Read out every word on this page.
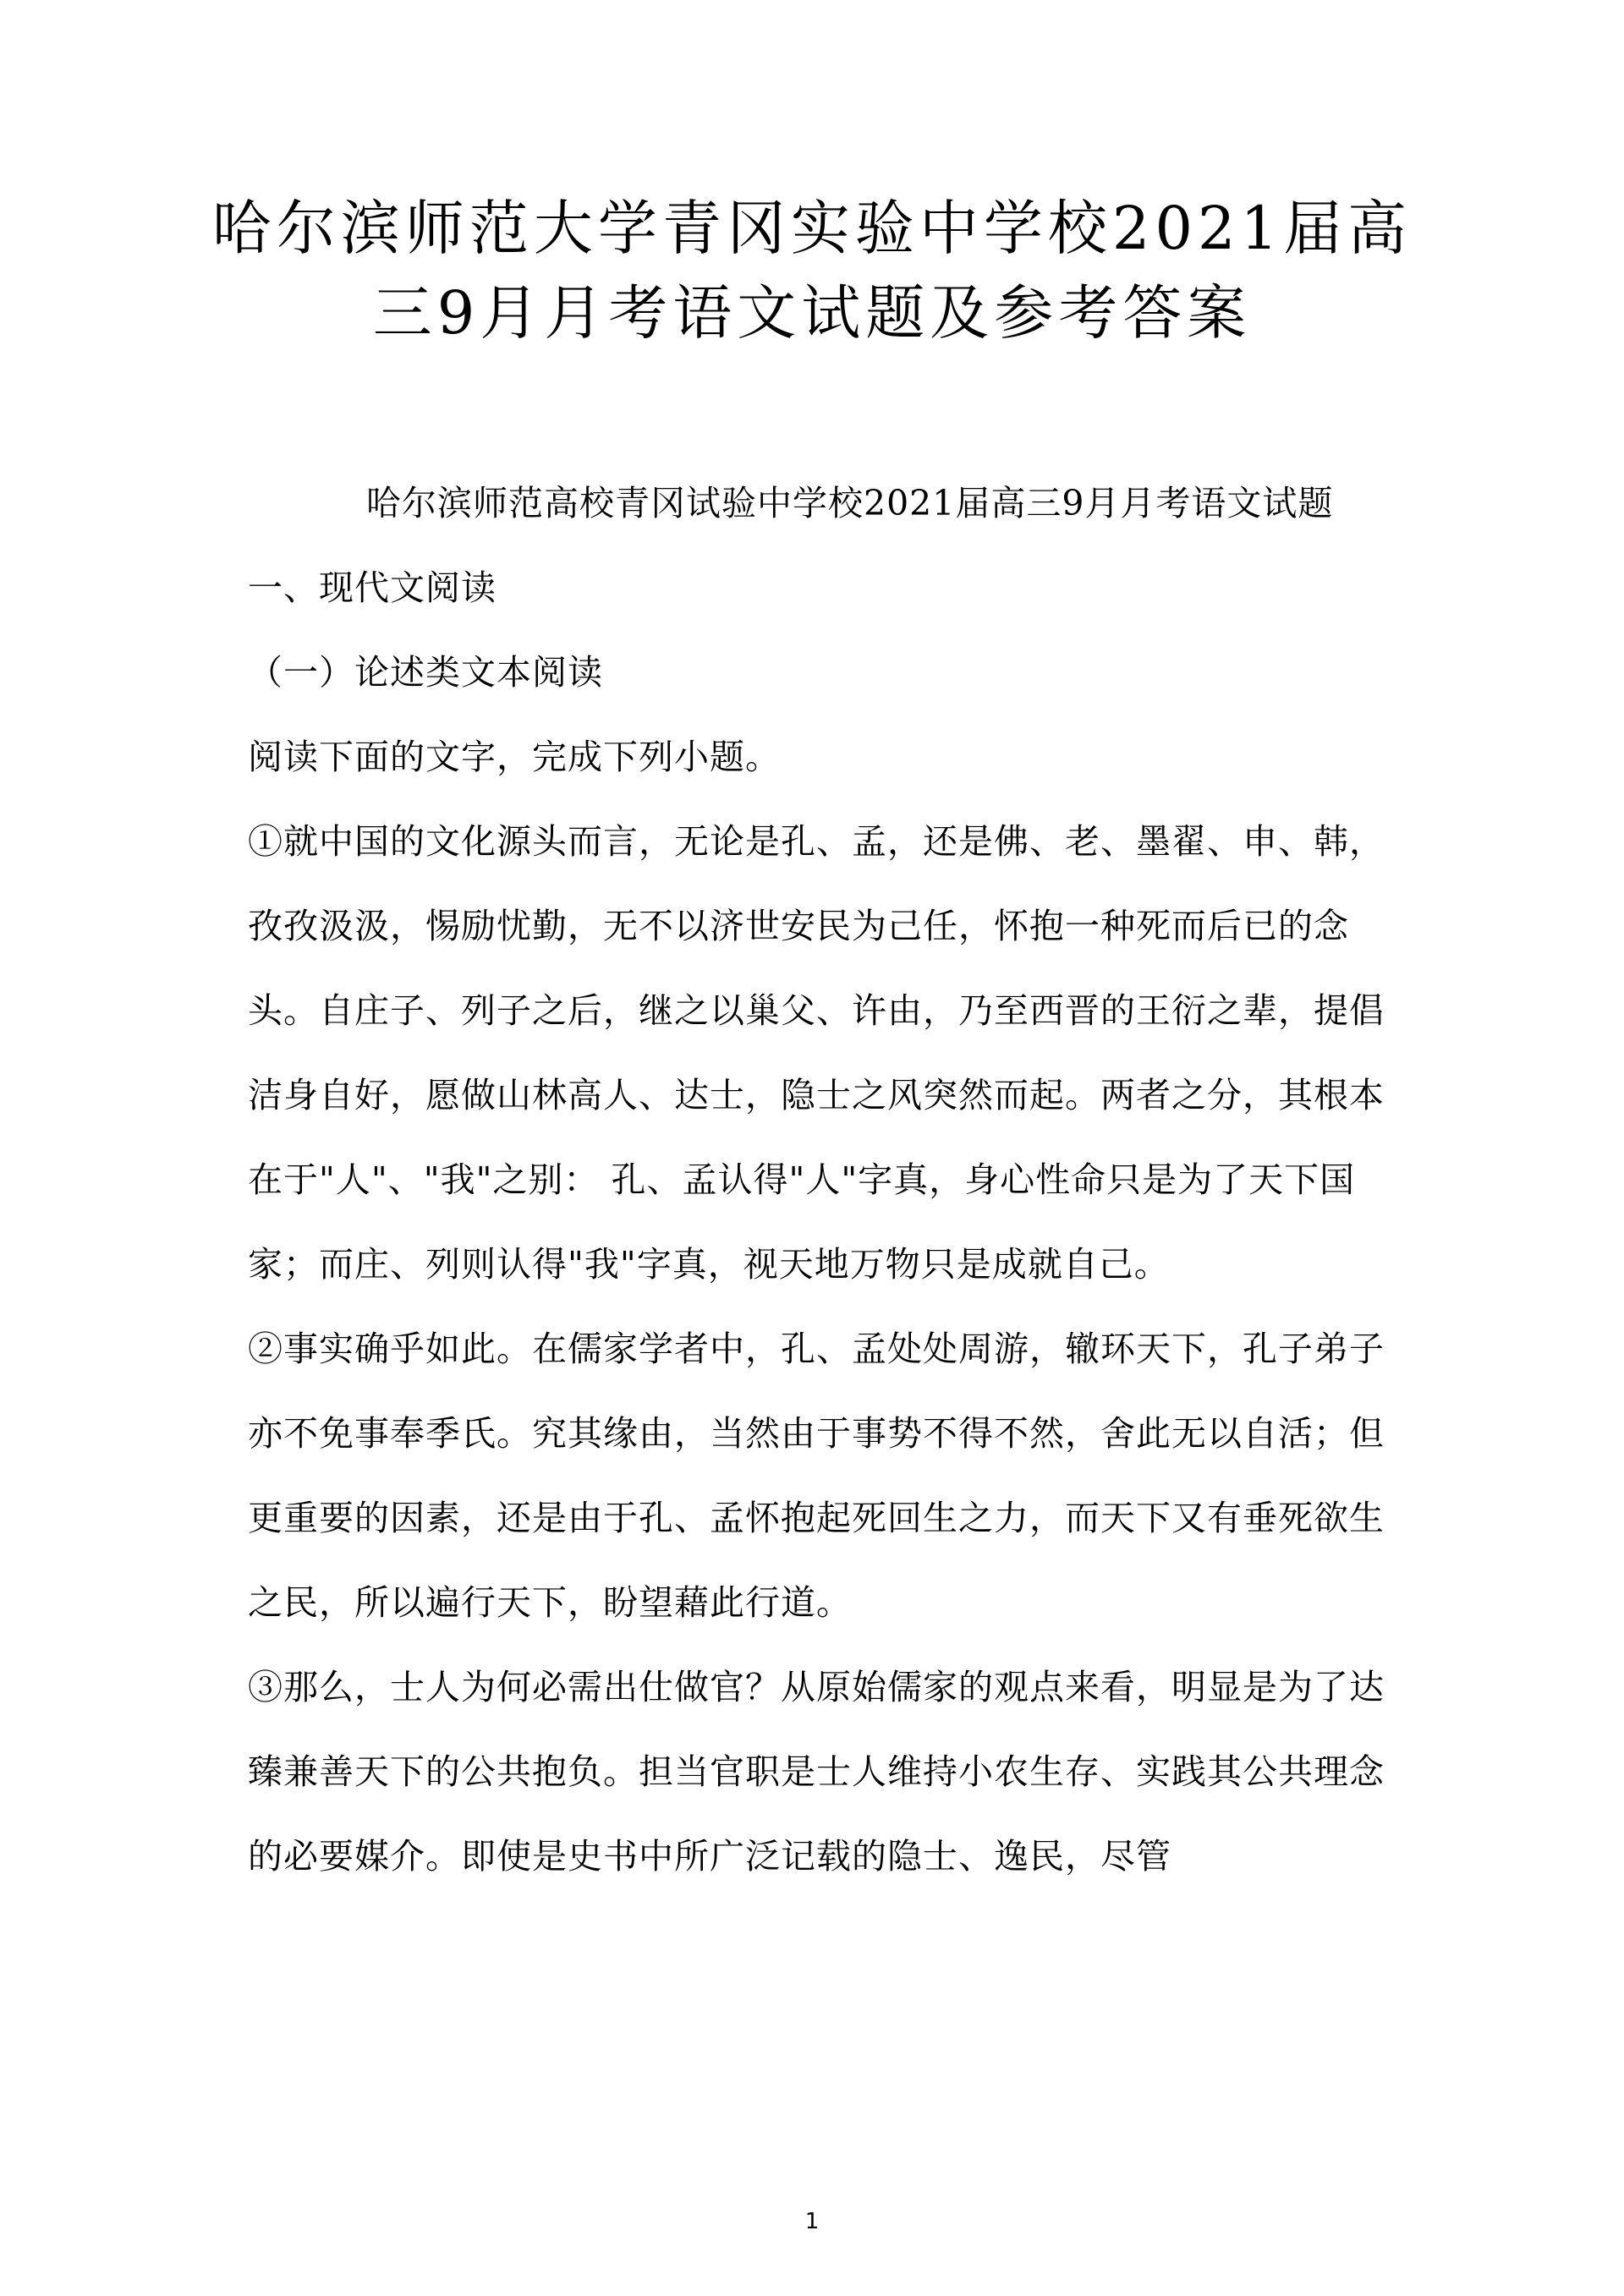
哈尔滨师范大学青冈实验中学校2021届高
三9月月考语文试题及参考答案

哈尔滨师范高校青冈试验中学校2021届高三9月月考语文试题

一、现代文阅读

（一）论述类文本阅读

阅读下面的文字，完成下列小题。

①就中国的文化源头而言，无论是孔、孟，还是佛、老、墨翟、申、韩，孜孜汲汲，惕励忧勤，无不以济世安民为己任，怀抱一种死而后已的念头。自庄子、列子之后，继之以巢父、许由，乃至西晋的王衍之辈，提倡洁身自好，愿做山林高人、达士，隐士之风突然而起。两者之分，其根本在于"人"、"我"之别： 孔、孟认得"人"字真，身心性命只是为了天下国家；而庄、列则认得"我"字真，视天地万物只是成就自己。

②事实确乎如此。在儒家学者中，孔、孟处处周游，辙环天下，孔子弟子亦不免事奉季氏。究其缘由，当然由于事势不得不然，舍此无以自活；但更重要的因素，还是由于孔、孟怀抱起死回生之力，而天下又有垂死欲生之民，所以遍行天下，盼望藉此行道。

③那么，士人为何必需出仕做官？从原始儒家的观点来看，明显是为了达臻兼善天下的公共抱负。担当官职是士人维持小农生存、实践其公共理念的必要媒介。即使是史书中所广泛记载的隐士、逸民，尽管

1
